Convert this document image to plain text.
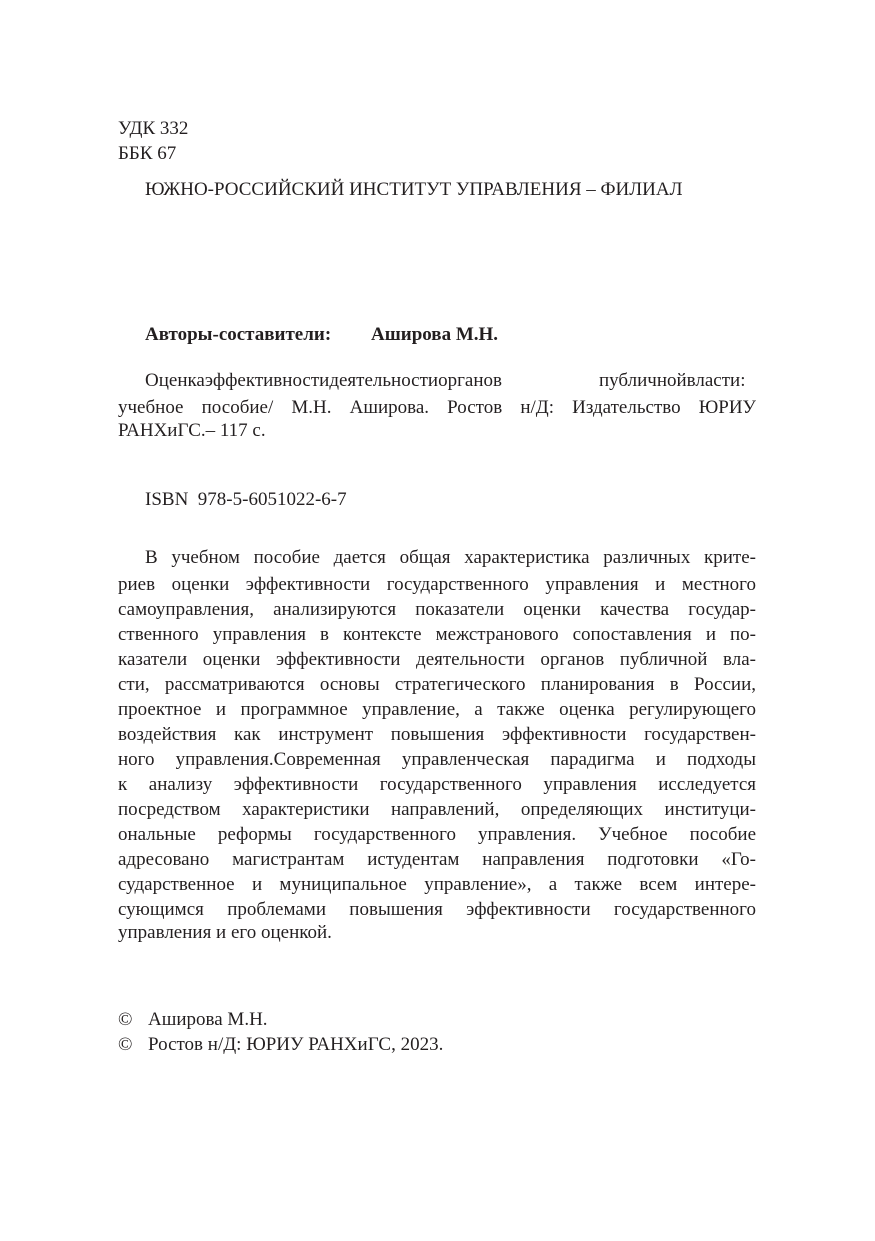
УДК 332

ББК 67

ЮЖНО-РОССИЙСКИЙ ИНСТИТУТ УПРАВЛЕНИЯ – ФИЛИАЛ

Авторы-составители: Аширова М.Н.

Оценкаэффективностидеятельностиорганов	публичнойвласти:

учебное пособие/ М.Н. Аширова. Ростов н/Д: Издательство ЮРИУ

РАНХиГС.– 117 с.

ISBN  978-5-6051022-6-7

В учебном пособие дается общая характеристика различных крите-

риев оценки эффективности государственного управления и местного

самоуправления, анализируются показатели оценки качества государ-

ственного управления в контексте межстранового сопоставления и по-

казатели оценки эффективности деятельности органов публичной вла-

сти, рассматриваются основы стратегического планирования в России,

проектное и программное управление, а также оценка регулирующего

воздействия как инструмент повышения эффективности государствен-

ного управления.Современная управленческая парадигма и подходы

к анализу эффективности государственного управления исследуется

посредством характеристики направлений, определяющих институци-

ональные реформы государственного управления. Учебное пособие

адресовано магистрантам истудентам направления подготовки «Го-

сударственное и муниципальное управление», а также всем интере-

сующимся проблемами повышения эффективности государственного

управления и его оценкой.

© Аширова М.Н.

© Ростов н/Д: ЮРИУ РАНХиГС, 2023.
